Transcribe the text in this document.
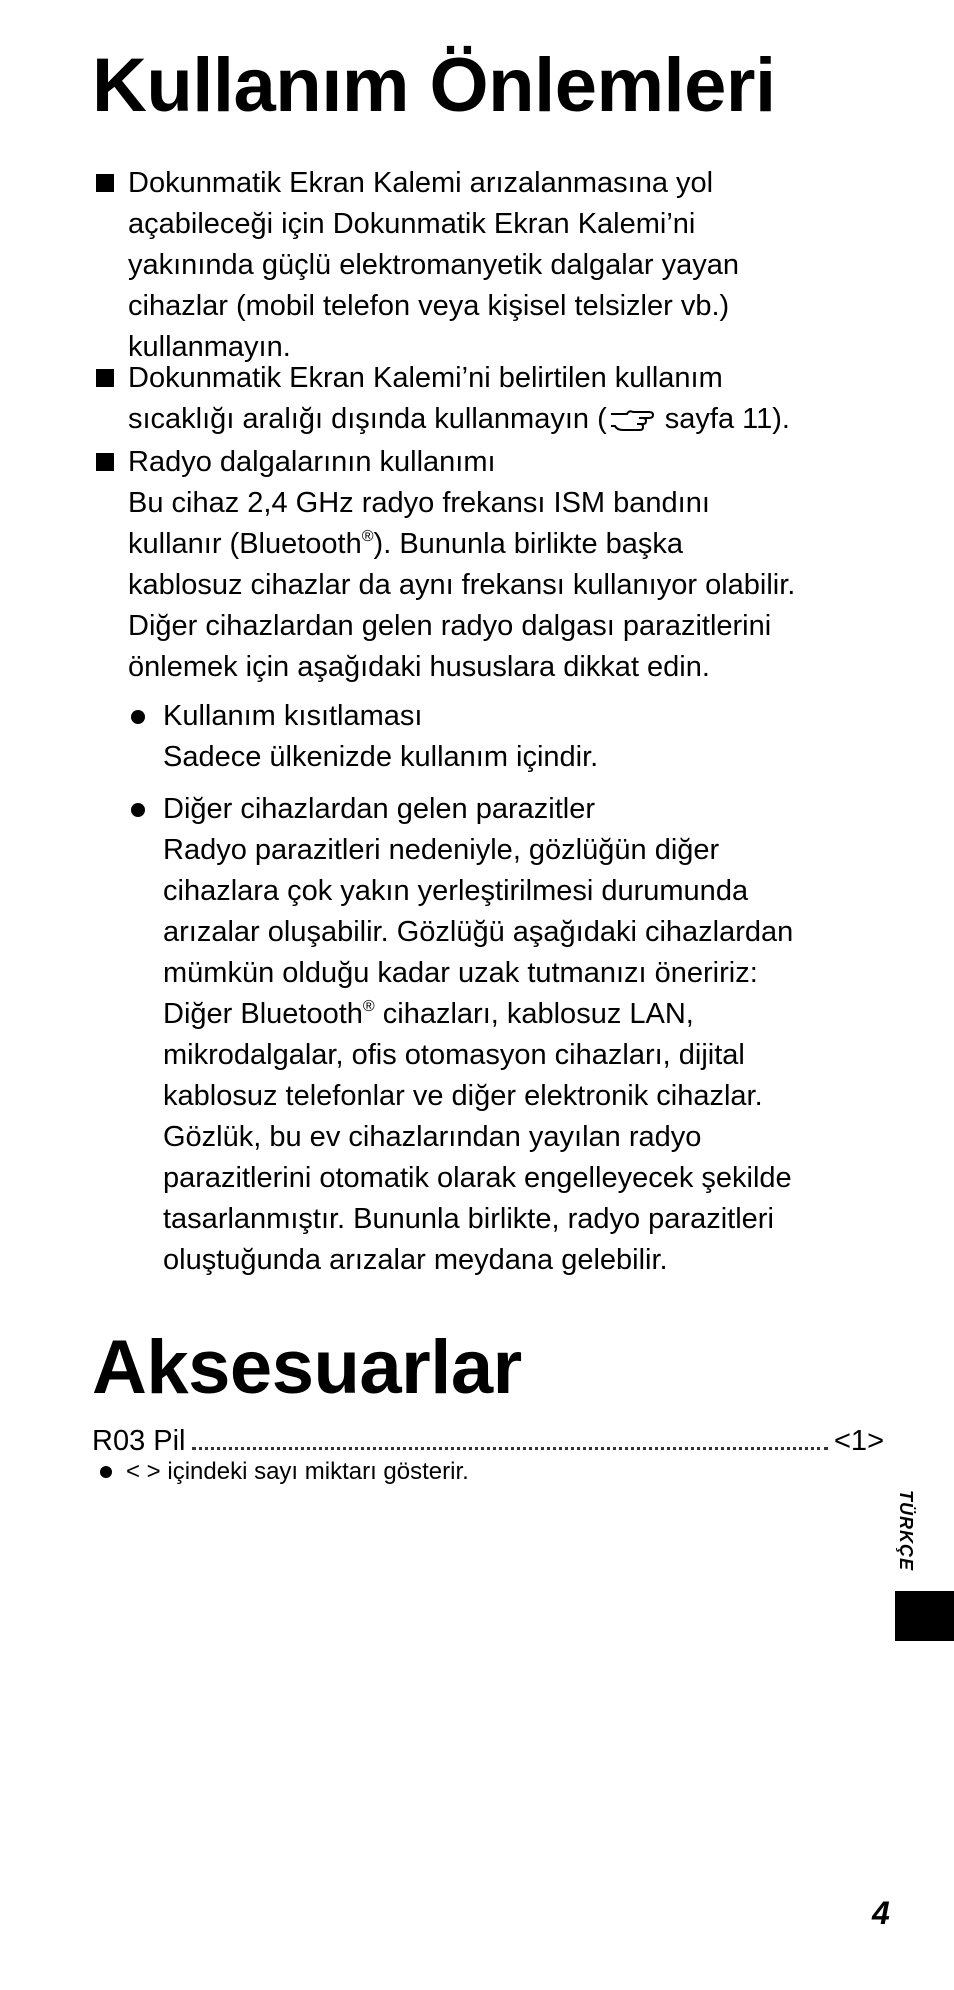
Kullanım Önlemleri
Dokunmatik Ekran Kalemi arızalanmasına yol
açabileceği için Dokunmatik Ekran Kalemi’ni
yakınında güçlü elektromanyetik dalgalar yayan
cihazlar (mobil telefon veya kişisel telsizler vb.)
kullanmayın.
Dokunmatik Ekran Kalemi’ni belirtilen kullanım
sıcaklığı aralığı dışında kullanmayın ( sayfa 11).
Radyo dalgalarının kullanımı
Bu cihaz 2,4 GHz radyo frekansı ISM bandını
kullanır (Bluetooth®). Bununla birlikte başka
kablosuz cihazlar da aynı frekansı kullanıyor olabilir.
Diğer cihazlardan gelen radyo dalgası parazitlerini
önlemek için aşağıdaki hususlara dikkat edin.
Kullanım kısıtlaması
Sadece ülkenizde kullanım içindir.
Diğer cihazlardan gelen parazitler
Radyo parazitleri nedeniyle, gözlüğün diğer
cihazlara çok yakın yerleştirilmesi durumunda
arızalar oluşabilir. Gözlüğü aşağıdaki cihazlardan
mümkün olduğu kadar uzak tutmanızı öneririz:
Diğer Bluetooth® cihazları, kablosuz LAN,
mikrodalgalar, ofis otomasyon cihazları, dijital
kablosuz telefonlar ve diğer elektronik cihazlar.
Gözlük, bu ev cihazlarından yayılan radyo
parazitlerini otomatik olarak engelleyecek şekilde
tasarlanmıştır. Bununla birlikte, radyo parazitleri
oluştuğunda arızalar meydana gelebilir.
Aksesuarlar
R03 Pil	<1>
< > içindeki sayı miktarı gösterir.
TÜRKÇE
4
